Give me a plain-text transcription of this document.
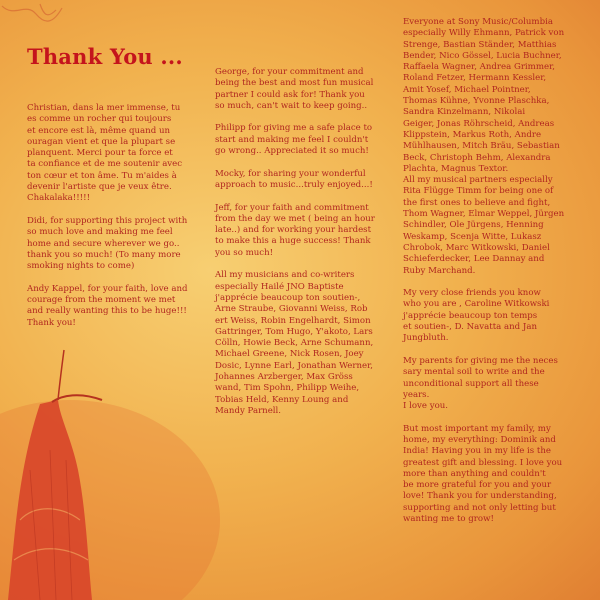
Thank You ...

Christian, dans la mer immense, tu
es comme un rocher qui toujours
et encore est là, même quand un
ouragan vient et que la plupart se
planquent. Merci pour ta force et
ta confiance et de me soutenir avec
ton cœur et ton âme. Tu m'aides à
devenir l'artiste que je veux être.
Chakalaka!!!!!

Didi, for supporting this project with
so much love and making me feel
home and secure wherever we go..
thank you so much! (To many more
smoking nights to come)

Andy Kappel, for your faith, love and
courage from the moment we met
and really wanting this to be huge!!!
Thank you!

George, for your commitment and
being the best and most fun musical
partner I could ask for! Thank you
so much, can't wait to keep going..

Philipp for giving me a safe place to
start and making me feel I couldn't
go wrong.. Appreciated it so much!

Mocky, for sharing your wonderful
approach to music...truly enjoyed...!

Jeff, for your faith and commitment
from the day we met ( being an hour
late..) and for working your hardest
to make this a huge success! Thank
you so much!

All my musicians and co-writers
especially Hailé JNO Baptiste
j'apprécie beaucoup ton soutien-,
Arne Straube, Giovanni Weiss, Rob
ert Weiss, Robin Engelhardt, Simon
Gattringer, Tom Hugo, Y'akoto, Lars
Cölln, Howie Beck, Arne Schumann,
Michael Greene, Nick Rosen, Joey
Dosic, Lynne Earl, Jonathan Werner,
Johannes Arzberger, Max Gröss
wand, Tim Spohn, Philipp Weihe,
Tobias Held, Kenny Loung and
Mandy Parnell.

Everyone at Sony Music/Columbia
especially Willy Ehmann, Patrick von
Strenge, Bastian Ständer, Matthias
Bender, Nico Gössel, Lucia Buchner,
Raffaela Wagner, Andrea Grimmer,
Roland Fetzer, Hermann Kessler,
Amit Yosef, Michael Pointner,
Thomas Kühne, Yvonne Plaschka,
Sandra Kinzelmann, Nikolai
Geiger, Jonas Röhrscheid, Andreas
Klippstein, Markus Roth, Andre
Mühlhausen, Mitch Bräu, Sebastian
Beck, Christoph Behm, Alexandra
Plachta, Magnus Textor.
All my musical partners especially
Rita Flügge Timm for being one of
the first ones to believe and fight,
Thom Wagner, Elmar Weppel, Jürgen
Schindler, Ole Jürgens, Henning
Weskamp, Scenja Witte, Lukasz
Chrobok, Marc Witkowski, Daniel
Schieferdecker, Lee Dannay and
Ruby Marchand.

My very close friends you know
who you are , Caroline Witkowski
j'apprécie beaucoup ton temps
et soutien-, D. Navatta and Jan
Jungbluth.

My parents for giving me the neces
sary mental soil to write and the
unconditional support all these
years.
I love you.

But most important my family, my
home, my everything: Dominik and
India! Having you in my life is the
greatest gift and blessing. I love you
more than anything and couldn't
be more grateful for you and your
love! Thank you for understanding,
supporting and not only letting but
wanting me to grow!
